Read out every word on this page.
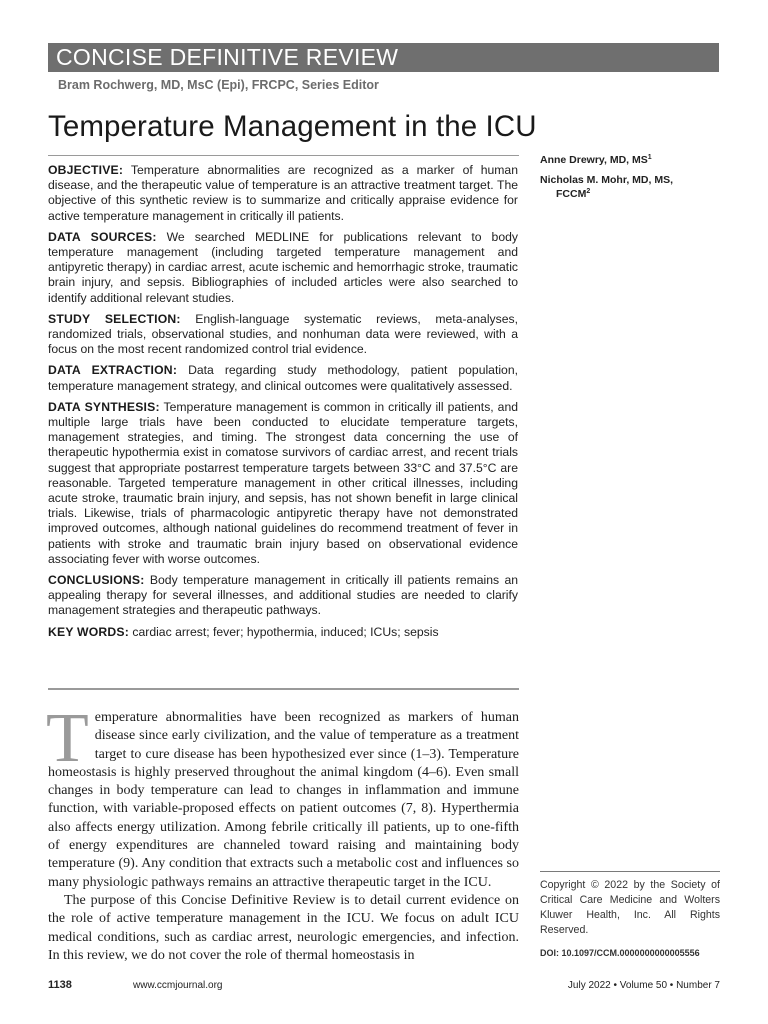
CONCISE DEFINITIVE REVIEW
Bram Rochwerg, MD, MsC (Epi), FRCPC, Series Editor
Temperature Management in the ICU
Anne Drewry, MD, $MS^1$
Nicholas M. Mohr, MD, MS,
FCCM$^2$

OBJECTIVE: Temperature abnormalities are recognized as a marker of human disease, and the therapeutic value of temperature is an attractive treatment target. The objective of this synthetic review is to summarize and critically appraise evidence for active temperature management in critically ill patients.

DATA SOURCES: We searched MEDLINE for publications relevant to body temperature management (including targeted temperature management and antipyretic therapy) in cardiac arrest, acute ischemic and hemorrhagic stroke, traumatic brain injury, and sepsis. Bibliographies of included articles were also searched to identify additional relevant studies.

STUDY SELECTION: English-language systematic reviews, meta-analyses, randomized trials, observational studies, and nonhuman data were reviewed, with a focus on the most recent randomized control trial evidence.

DATA EXTRACTION: Data regarding study methodology, patient population, temperature management strategy, and clinical outcomes were qualitatively assessed.

DATA SYNTHESIS: Temperature management is common in critically ill patients, and multiple large trials have been conducted to elucidate temperature targets, management strategies, and timing. The strongest data concerning the use of therapeutic hypothermia exist in comatose survivors of cardiac arrest, and recent trials suggest that appropriate postarrest temperature targets between 33°C and 37.5°C are reasonable. Targeted temperature management in other critical illnesses, including acute stroke, traumatic brain injury, and sepsis, has not shown benefit in large clinical trials. Likewise, trials of pharmacologic antipyretic therapy have not demonstrated improved outcomes, although national guidelines do recommend treatment of fever in patients with stroke and traumatic brain injury based on observational evidence associating fever with worse outcomes.

CONCLUSIONS: Body temperature management in critically ill patients remains an appealing therapy for several illnesses, and additional studies are needed to clarify management strategies and therapeutic pathways.

KEY WORDS: cardiac arrest; fever; hypothermia, induced; ICUs; sepsis

Temperature abnormalities have been recognized as markers of human disease since early civilization, and the value of temperature as a treatment target to cure disease has been hypothesized ever since (1–3). Temperature homeostasis is highly preserved throughout the animal kingdom (4–6). Even small changes in body temperature can lead to changes in inflammation and immune function, with variable-proposed effects on patient outcomes (7, 8). Hyperthermia also affects energy utilization. Among febrile critically ill patients, up to one-fifth of energy expenditures are channeled toward raising and maintaining body temperature (9). Any condition that extracts such a metabolic cost and influences so many physiologic pathways remains an attractive therapeutic target in the ICU.

The purpose of this Concise Definitive Review is to detail current evidence on the role of active temperature management in the ICU. We focus on adult ICU medical conditions, such as cardiac arrest, neurologic emergencies, and infection. In this review, we do not cover the role of thermal homeostasis in

Copyright © 2022 by the Society of Critical Care Medicine and Wolters Kluwer Health, Inc. All Rights Reserved.
DOI: 10.1097/CCM.0000000000005556
1138	www.ccmjournal.org	July 2022 • Volume 50 • Number 7
